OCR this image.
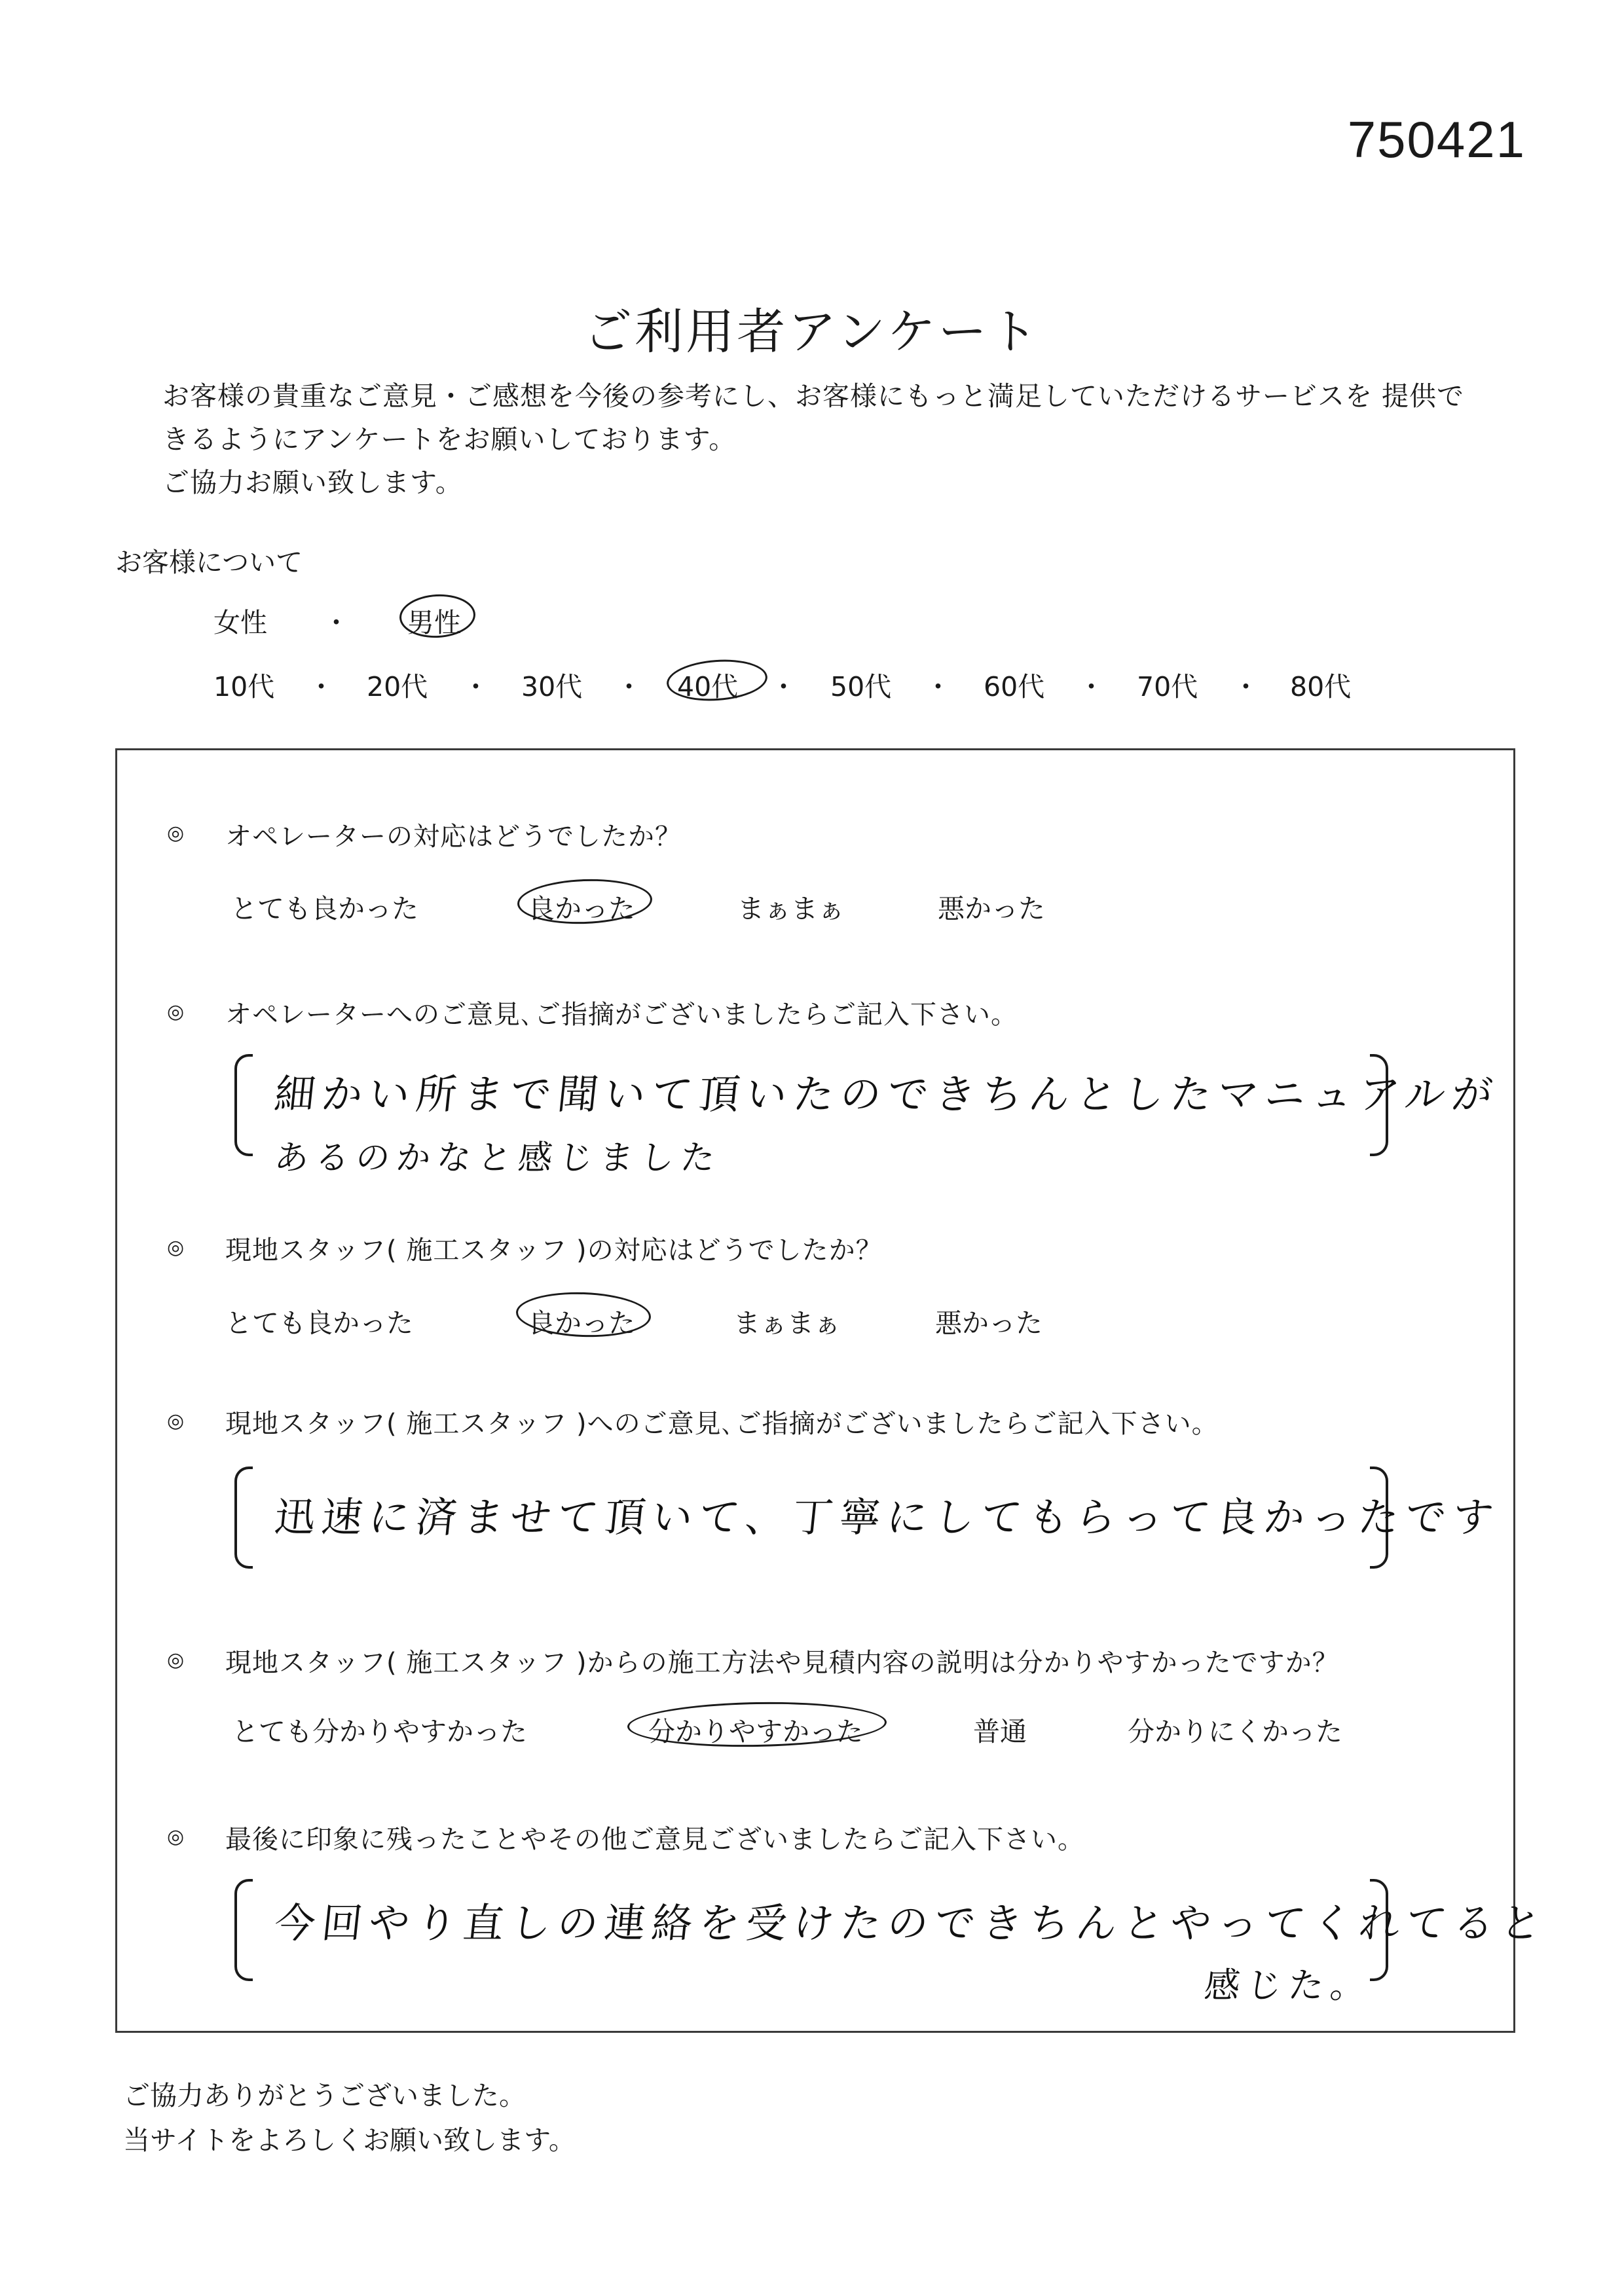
750421
ご利用者アンケート
お客様の貴重なご意見・ご感想を今後の参考にし、お客様にもっと満足していただけるサービスを 提供で
きるようにアンケートをお願いしております。
ご協力お願い致します。
お客様について
女性 ・ 男性
10代 ・ 20代 ・ 30代 ・ 40代 ・ 50代 ・ 60代 ・ 70代 ・ 80代
◎ オペレーターの対応はどうでしたか？
とても良かった	良かった	まぁまぁ	悪かった
◎ オペレーターへのご意見､ご指摘がございましたらご記入下さい。
細かい所まで聞いて頂いたのできちんとしたマニュアルが
あるのかなと感じました
◎ 現地スタッフ( 施工スタッフ )の対応はどうでしたか？
とても良かった	良かった	まぁまぁ	悪かった
◎ 現地スタッフ( 施工スタッフ )へのご意見､ご指摘がございましたらご記入下さい。
迅速に済ませて頂いて、丁寧にしてもらって良かったです
◎ 現地スタッフ( 施工スタッフ )からの施工方法や見積内容の説明は分かりやすかったですか？
とても分かりやすかった	分かりやすかった	普通	分かりにくかった
◎ 最後に印象に残ったことやその他ご意見ございましたらご記入下さい。
今回やり直しの連絡を受けたのできちんとやってくれてると
感じた。
ご協力ありがとうございました。
当サイトをよろしくお願い致します。
